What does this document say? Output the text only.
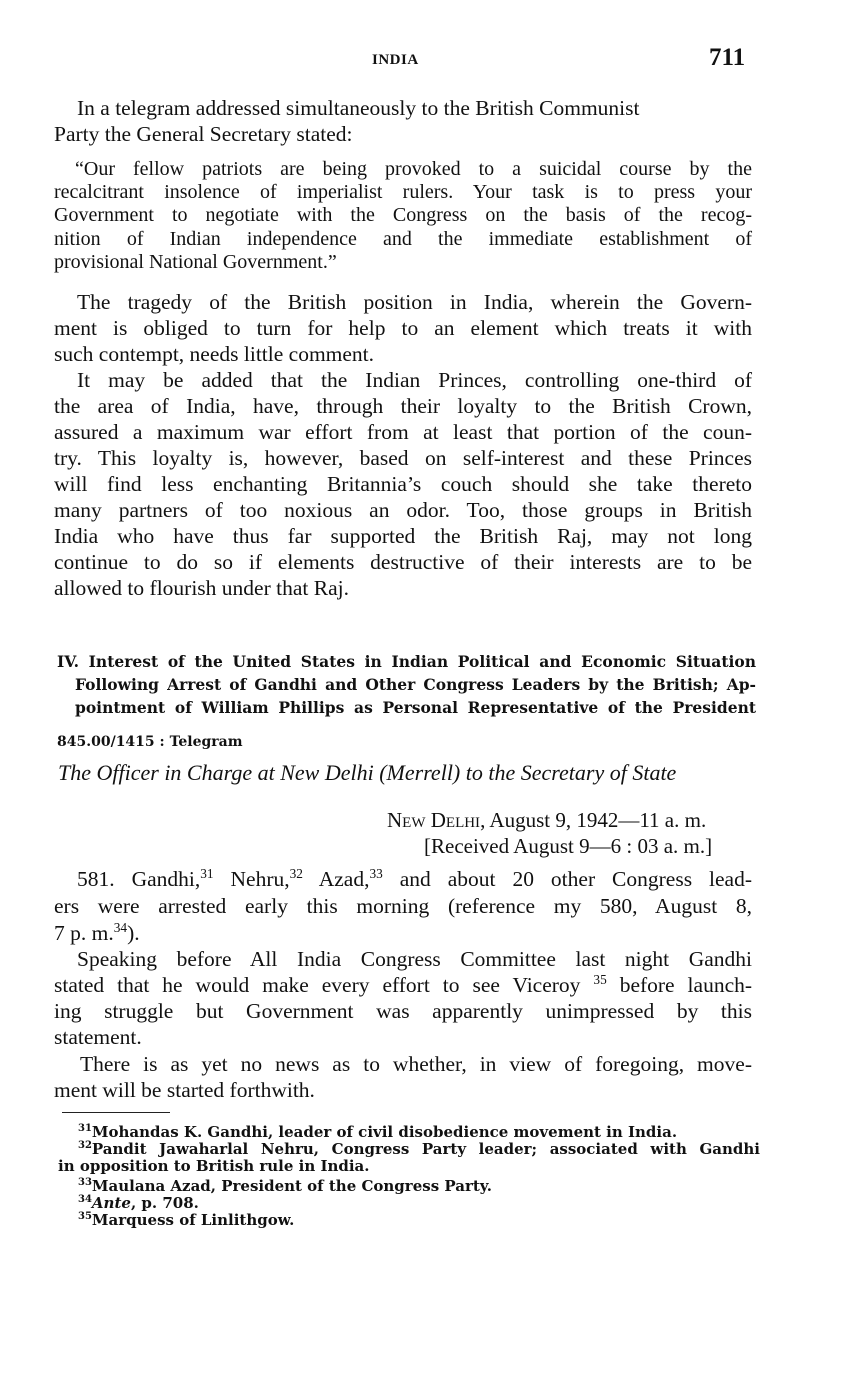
INDIA	711
In a telegram addressed simultaneously to the British Communist
Party the General Secretary stated:
“Our fellow patriots are being provoked to a suicidal course by the
recalcitrant insolence of imperialist rulers. Your task is to press your
Government to negotiate with the Congress on the basis of the recog-
nition of Indian independence and the immediate establishment of
provisional National Government.”
The tragedy of the British position in India, wherein the Govern-
ment is obliged to turn for help to an element which treats it with
such contempt, needs little comment.
It may be added that the Indian Princes, controlling one-third of
the area of India, have, through their loyalty to the British Crown,
assured a maximum war effort from at least that portion of the coun-
try. This loyalty is, however, based on self-interest and these Princes
will find less enchanting Britannia’s couch should she take thereto
many partners of too noxious an odor. Too, those groups in British
India who have thus far supported the British Raj, may not long
continue to do so if elements destructive of their interests are to be
allowed to flourish under that Raj.
IV. Interest of the United States in Indian Political and Economic Situation
Following Arrest of Gandhi and Other Congress Leaders by the British; Ap-
pointment of William Phillips as Personal Representative of the President
845.00/1415 : Telegram
The Officer in Charge at New Delhi (Merrell) to the Secretary of State
New Delhi, August 9, 1942—11 a. m.
[Received August 9—6 : 03 a. m.]
581. Gandhi,$^{31}$ Nehru,$^{32}$ Azad,$^{33}$ and about 20 other Congress lead-
ers were arrested early this morning (reference my 580, August 8,
7 p. m.$^{34}$).
Speaking before All India Congress Committee last night Gandhi
stated that he would make every effort to see Viceroy $^{35}$ before launch-
ing struggle but Government was apparently unimpressed by this
statement.
There is as yet no news as to whether, in view of foregoing, move-
ment will be started forthwith.
$^{31}$Mohandas K. Gandhi, leader of civil disobedience movement in India.
$^{32}$Pandit Jawaharlal Nehru, Congress Party leader; associated with Gandhi
in opposition to British rule in India.
$^{33}$Maulana Azad, President of the Congress Party.
$^{34}$Ante, p. 708.
$^{35}$Marquess of Linlithgow.
